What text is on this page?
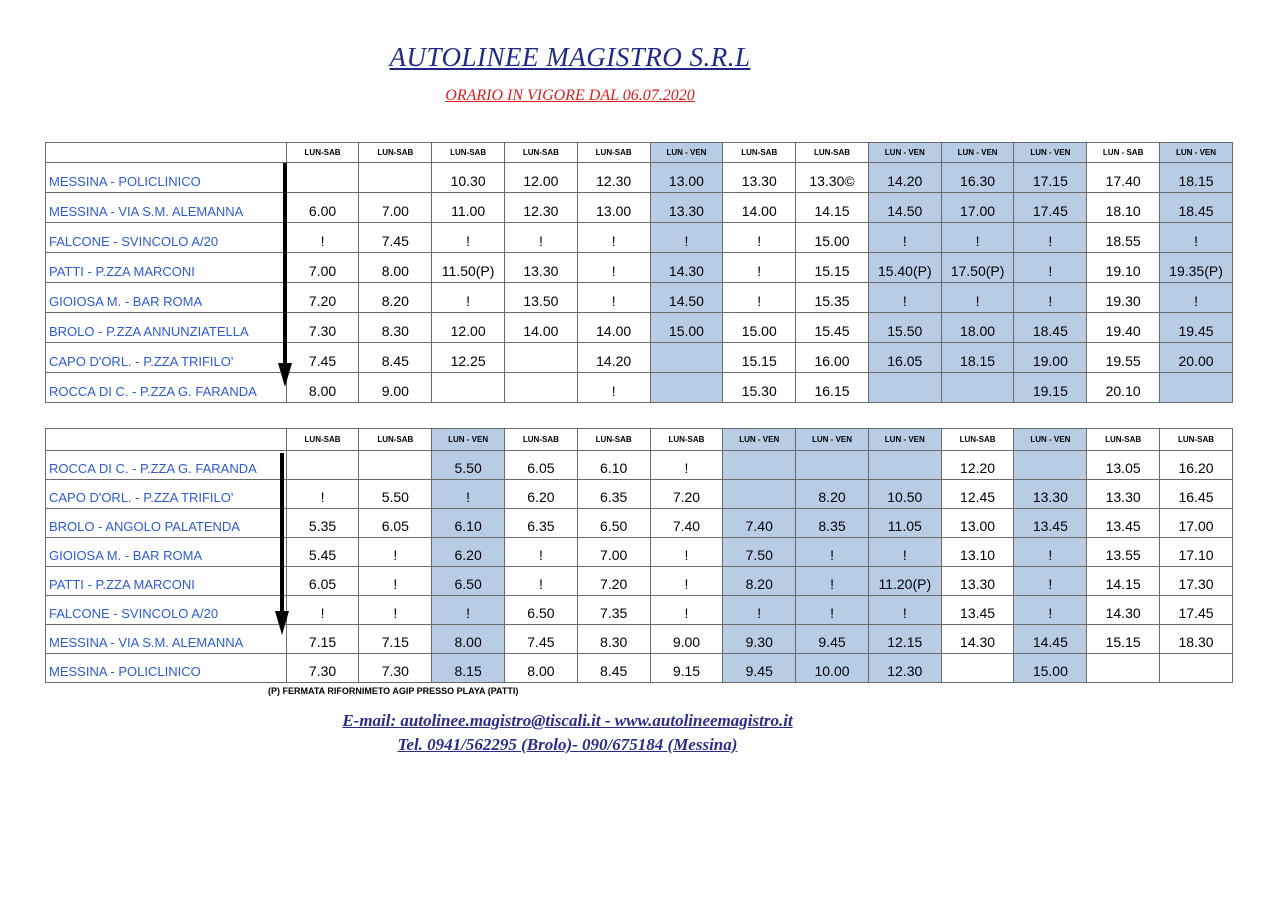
AUTOLINEE MAGISTRO S.R.L
ORARIO IN VIGORE DAL 06.07.2020
	LUN-SAB	LUN-SAB	LUN-SAB	LUN-SAB	LUN-SAB	LUN - VEN	LUN-SAB	LUN-SAB	LUN - VEN	LUN - VEN	LUN - VEN	LUN - SAB	LUN - VEN
MESSINA - POLICLINICO			10.30	12.00	12.30	13.00	13.30	13.30©	14.20	16.30	17.15	17.40	18.15
MESSINA - VIA S.M. ALEMANNA	6.00	7.00	11.00	12.30	13.00	13.30	14.00	14.15	14.50	17.00	17.45	18.10	18.45
FALCONE - SVINCOLO A/20	!	7.45	!	!	!	!	!	15.00	!	!	!	18.55	!
PATTI - P.ZZA MARCONI	7.00	8.00	11.50(P)	13.30	!	14.30	!	15.15	15.40(P)	17.50(P)	!	19.10	19.35(P)
GIOIOSA M. - BAR ROMA	7.20	8.20	!	13.50	!	14.50	!	15.35	!	!	!	19.30	!
BROLO - P.ZZA ANNUNZIATELLA	7.30	8.30	12.00	14.00	14.00	15.00	15.00	15.45	15.50	18.00	18.45	19.40	19.45
CAPO D'ORL. - P.ZZA TRIFILO'	7.45	8.45	12.25		14.20		15.15	16.00	16.05	18.15	19.00	19.55	20.00
ROCCA DI C. - P.ZZA G. FARANDA	8.00	9.00			!		15.30	16.15			19.15	20.10	
	LUN-SAB	LUN-SAB	LUN - VEN	LUN-SAB	LUN-SAB	LUN-SAB	LUN - VEN	LUN - VEN	LUN - VEN	LUN-SAB	LUN - VEN	LUN-SAB	LUN-SAB
ROCCA DI C. - P.ZZA G. FARANDA			5.50	6.05	6.10	!				12.20		13.05	16.20
CAPO D'ORL. - P.ZZA TRIFILO'	!	5.50	!	6.20	6.35	7.20		8.20	10.50	12.45	13.30	13.30	16.45
BROLO - ANGOLO PALATENDA	5.35	6.05	6.10	6.35	6.50	7.40	7.40	8.35	11.05	13.00	13.45	13.45	17.00
GIOIOSA M. - BAR ROMA	5.45	!	6.20	!	7.00	!	7.50	!	!	13.10	!	13.55	17.10
PATTI - P.ZZA MARCONI	6.05	!	6.50	!	7.20	!	8.20	!	11.20(P)	13.30	!	14.15	17.30
FALCONE - SVINCOLO A/20	!	!	!	6.50	7.35	!	!	!	!	13.45	!	14.30	17.45
MESSINA - VIA S.M. ALEMANNA	7.15	7.15	8.00	7.45	8.30	9.00	9.30	9.45	12.15	14.30	14.45	15.15	18.30
MESSINA - POLICLINICO	7.30	7.30	8.15	8.00	8.45	9.15	9.45	10.00	12.30		15.00		
(P) FERMATA RIFORNIMETO AGIP PRESSO PLAYA (PATTI)
E-mail: autolinee.magistro@tiscali.it - www.autolineemagistro.it
Tel. 0941/562295 (Brolo)- 090/675184 (Messina)
